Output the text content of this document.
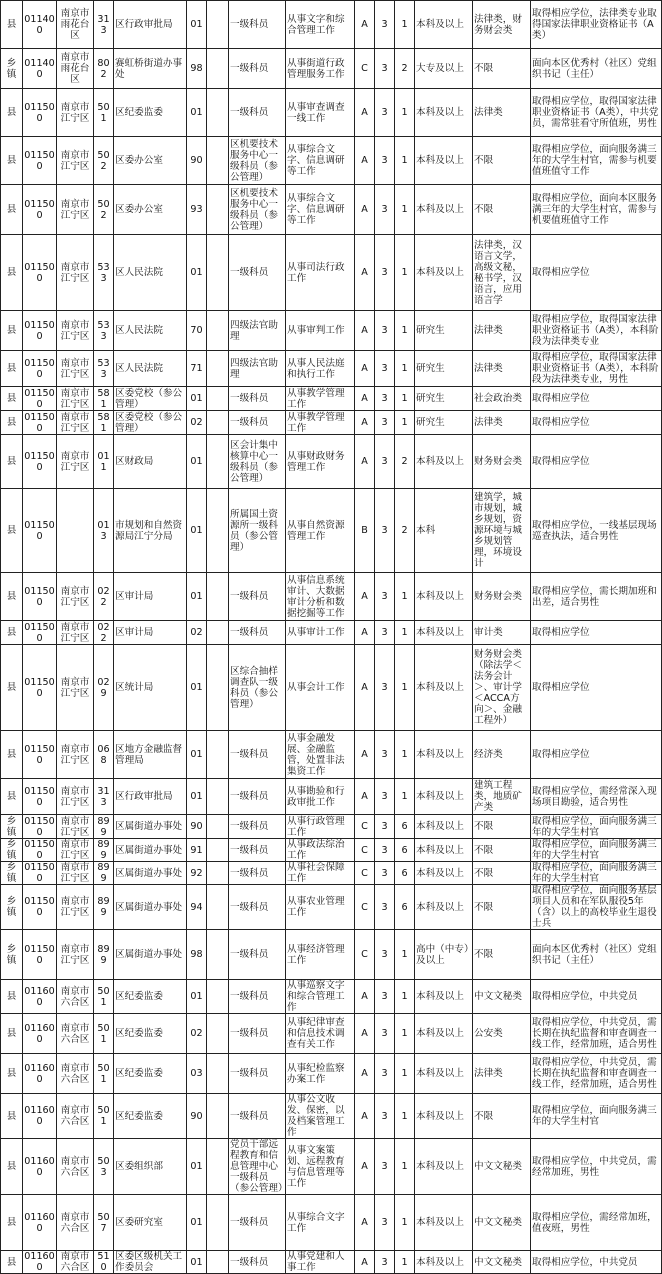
县	011400	南京市雨花台区	313	区行政审批局	01		一级科员	从事文字和综合管理工作	A	3	1	本科及以上	法律类，财务财会类	取得相应学位，法律类专业取得国家法律职业资格证书（A类）
乡镇	011400	南京市雨花台区	802	赛虹桥街道办事处	98		一级科员	从事街道行政管理服务工作	C	3	2	大专及以上	不限	面向本区优秀村（社区）党组织书记（主任）
县	011500	南京市江宁区	501	区纪委监委	01		一级科员	从事审查调查一线工作	A	3	1	本科及以上	法律类	取得相应学位，取得国家法律职业资格证书（A类），中共党员，需常驻看守所值班，男性
县	011500	南京市江宁区	502	区委办公室	90		区机要技术服务中心一级科员（参公管理）	从事综合文字、信息调研等工作	A	3	1	本科及以上	不限	取得相应学位，面向服务满三年的大学生村官，需参与机要值班值守工作
县	011500	南京市江宁区	502	区委办公室	93		区机要技术服务中心一级科员（参公管理）	从事综合文字、信息调研等工作	A	3	1	本科及以上	不限	取得相应学位，面向本区服务满三年的大学生村官，需参与机要值班值守工作
县	011500	南京市江宁区	533	区人民法院	01		一级科员	从事司法行政工作	A	3	1	本科及以上	法律类，汉语言文学，高级文秘，秘书学，汉语言，应用语言学	取得相应学位
县	011500	南京市江宁区	533	区人民法院	70		四级法官助理	从事审判工作	A	3	1	研究生	法律类	取得相应学位，取得国家法律职业资格证书（A类），本科阶段为法律类专业
县	011500	南京市江宁区	533	区人民法院	71		四级法官助理	从事人民法庭和执行工作	A	3	1	研究生	法律类	取得相应学位，取得国家法律职业资格证书（A类），本科阶段为法律类专业，男性
县	011500	南京市江宁区	581	区委党校（参公管理）	01		一级科员	从事教学管理工作	A	3	1	研究生	社会政治类	取得相应学位
县	011500	南京市江宁区	581	区委党校（参公管理）	02		一级科员	从事教学管理工作	A	3	1	研究生	法律类	取得相应学位
县	011500	南京市江宁区	011	区财政局	01		区会计集中核算中心一级科员（参公管理）	从事财政财务管理工作	A	3	2	本科及以上	财务财会类	取得相应学位
县	011500		013	市规划和自然资源局江宁分局	01		所属国土资源所一级科员（参公管理）	从事自然资源管理工作	B	3	2	本科	建筑学，城市规划，城乡规划，资源环境与城乡规划管理，环境设计	取得相应学位，一线基层现场巡查执法，适合男性
县	011500	南京市江宁区	022	区审计局	01		一级科员	从事信息系统审计、大数据审计分析和数据挖掘等工作	A	3	1	本科及以上	财务财会类	取得相应学位，需长期加班和出差，适合男性
县	011500	南京市江宁区	022	区审计局	02		一级科员	从事审计工作	A	3	1	本科及以上	审计类	取得相应学位
县	011500	南京市江宁区	029	区统计局	01		区综合抽样调查队一级科员（参公管理）	从事会计工作	A	3	1	本科及以上	财务财会类（除法学＜法务会计＞、审计学＜ACCA方向＞、金融工程外）	取得相应学位
县	011500	南京市江宁区	068	区地方金融监督管理局	01		一级科员	从事金融发展、金融监管，处置非法集资工作	A	3	1	本科及以上	经济类	取得相应学位
县	011500	南京市江宁区	313	区行政审批局	01		一级科员	从事勘验和行政审批工作	A	3	1	本科及以上	建筑工程类，地质矿产类	取得相应学位，需经常深入现场项目勘验，适合男性
乡镇	011500	南京市江宁区	899	区属街道办事处	90		一级科员	从事行政管理工作	C	3	6	本科及以上	不限	取得相应学位，面向服务满三年的大学生村官
乡镇	011500	南京市江宁区	899	区属街道办事处	91		一级科员	从事政法综治工作	C	3	6	本科及以上	不限	取得相应学位，面向服务满三年的大学生村官
乡镇	011500	南京市江宁区	899	区属街道办事处	92		一级科员	从事社会保障工作	C	3	6	本科及以上	不限	取得相应学位，面向服务满三年的大学生村官
乡镇	011500	南京市江宁区	899	区属街道办事处	94		一级科员	从事农业管理工作	C	3	6	本科及以上	不限	取得相应学位，面向服务基层项目人员和在军队服役5年（含）以上的高校毕业生退役士兵
乡镇	011500	南京市江宁区	899	区属街道办事处	98		一级科员	从事经济管理工作	C	3	1	高中（中专）及以上	不限	面向本区优秀村（社区）党组织书记（主任）
县	011600	南京市六合区	501	区纪委监委	01		一级科员	从事巡察文字和综合管理工作	A	3	1	本科及以上	中文文秘类	取得相应学位，中共党员
县	011600	南京市六合区	501	区纪委监委	02		一级科员	从事纪律审查和信息技术调查有关工作	A	3	1	本科及以上	公安类	取得相应学位，中共党员，需长期在执纪监督和审查调查一线工作，经常加班，适合男性
县	011600	南京市六合区	501	区纪委监委	03		一级科员	从事纪检监察办案工作	A	3	1	本科及以上	法律类	取得相应学位，中共党员，需长期在执纪监督和审查调查一线工作，经常加班，适合男性
县	011600	南京市六合区	501	区纪委监委	90		一级科员	从事公文收发、保密，以及档案管理工作	A	3	1	本科及以上	不限	取得相应学位，面向服务满三年的大学生村官
县	011600	南京市六合区	503	区委组织部	01		党员干部远程教育和信息管理中心一级科员（参公管理）	从事文案策划、远程教育与信息管理等工作	A	3	1	本科及以上	中文文秘类	取得相应学位，中共党员，需经常加班，男性
县	011600	南京市六合区	507	区委研究室	01		一级科员	从事综合文字工作	A	3	1	本科及以上	中文文秘类	取得相应学位，需经常加班，值夜班，男性
县	011600	南京市六合区	510	区委区级机关工作委员会	01		一级科员	从事党建和人事工作	A	3	1	本科及以上	中文文秘类	取得相应学位，中共党员
